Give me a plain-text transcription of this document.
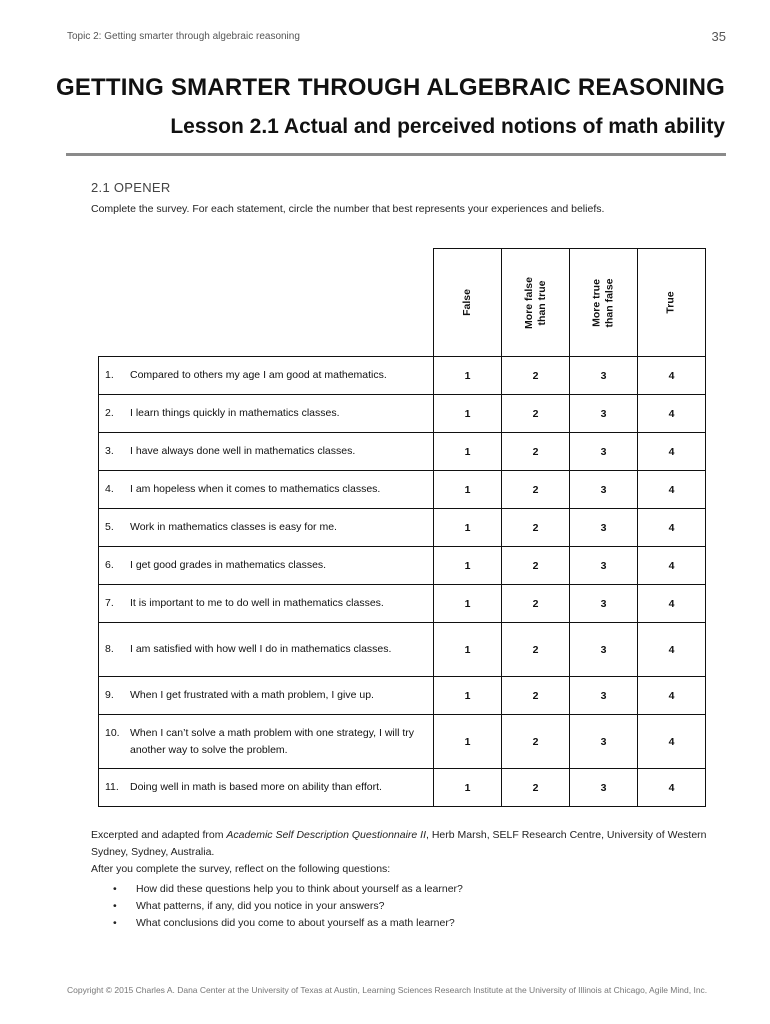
Topic 2: Getting smarter through algebraic reasoning	35
GETTING SMARTER THROUGH ALGEBRAIC REASONING
Lesson 2.1 Actual and perceived notions of math ability
2.1 OPENER
Complete the survey. For each statement, circle the number that best represents your experiences and beliefs.

	False	More false than true	More true than false	True

1. Compared to others my age I am good at mathematics.	1	2	3	4

2. I learn things quickly in mathematics classes.	1	2	3	4

3. I have always done well in mathematics classes.	1	2	3	4

4. I am hopeless when it comes to mathematics classes.	1	2	3	4

5. Work in mathematics classes is easy for me.	1	2	3	4

6. I get good grades in mathematics classes.	1	2	3	4

7. It is important to me to do well in mathematics classes.	1	2	3	4

8. I am satisfied with how well I do in mathematics classes.	1	2	3	4

9. When I get frustrated with a math problem, I give up.	1	2	3	4

10. When I can’t solve a math problem with one strategy, I will try another way to solve the problem.	1	2	3	4

11. Doing well in math is based more on ability than effort.	1	2	3	4
Excerpted and adapted from Academic Self Description Questionnaire II, Herb Marsh, SELF Research Centre, University of Western Sydney, Sydney, Australia.
After you complete the survey, reflect on the following questions:
•	How did these questions help you to think about yourself as a learner?
•	What patterns, if any, did you notice in your answers?
•	What conclusions did you come to about yourself as a math learner?
Copyright © 2015 Charles A. Dana Center at the University of Texas at Austin, Learning Sciences Research Institute at the University of Illinois at Chicago, Agile Mind, Inc.
